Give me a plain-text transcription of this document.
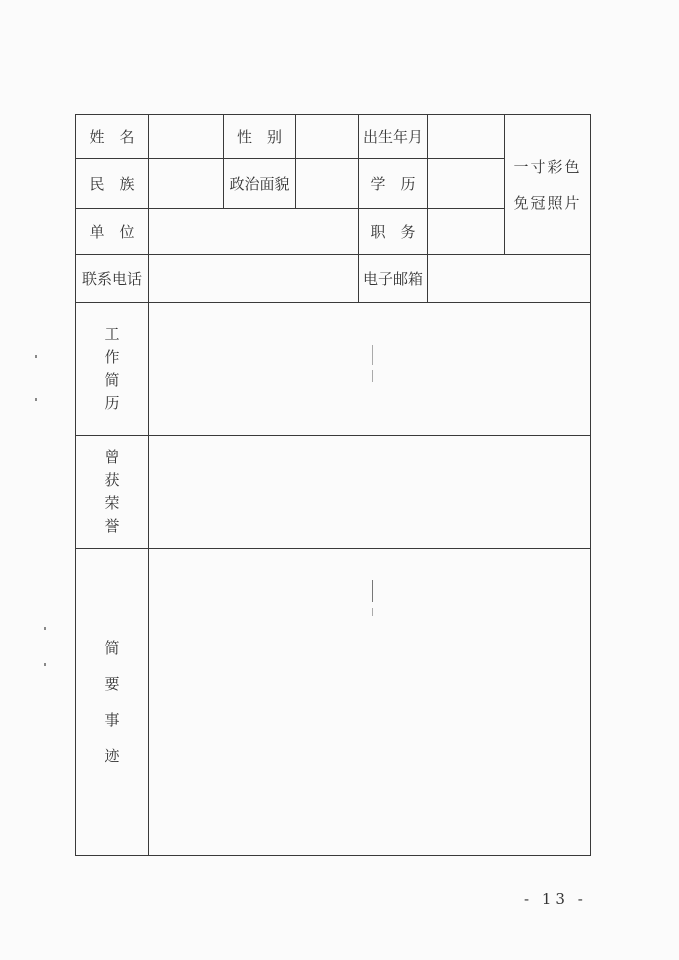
姓　名		性　别		出生年月		一寸彩色
免冠照片
民　族		政治面貌		学　历		
单　位				职　务		
联系电话				电子邮箱		

工
作
简
历						

曾
获
荣
誉						

简
要
事
迹						

- 13 -
